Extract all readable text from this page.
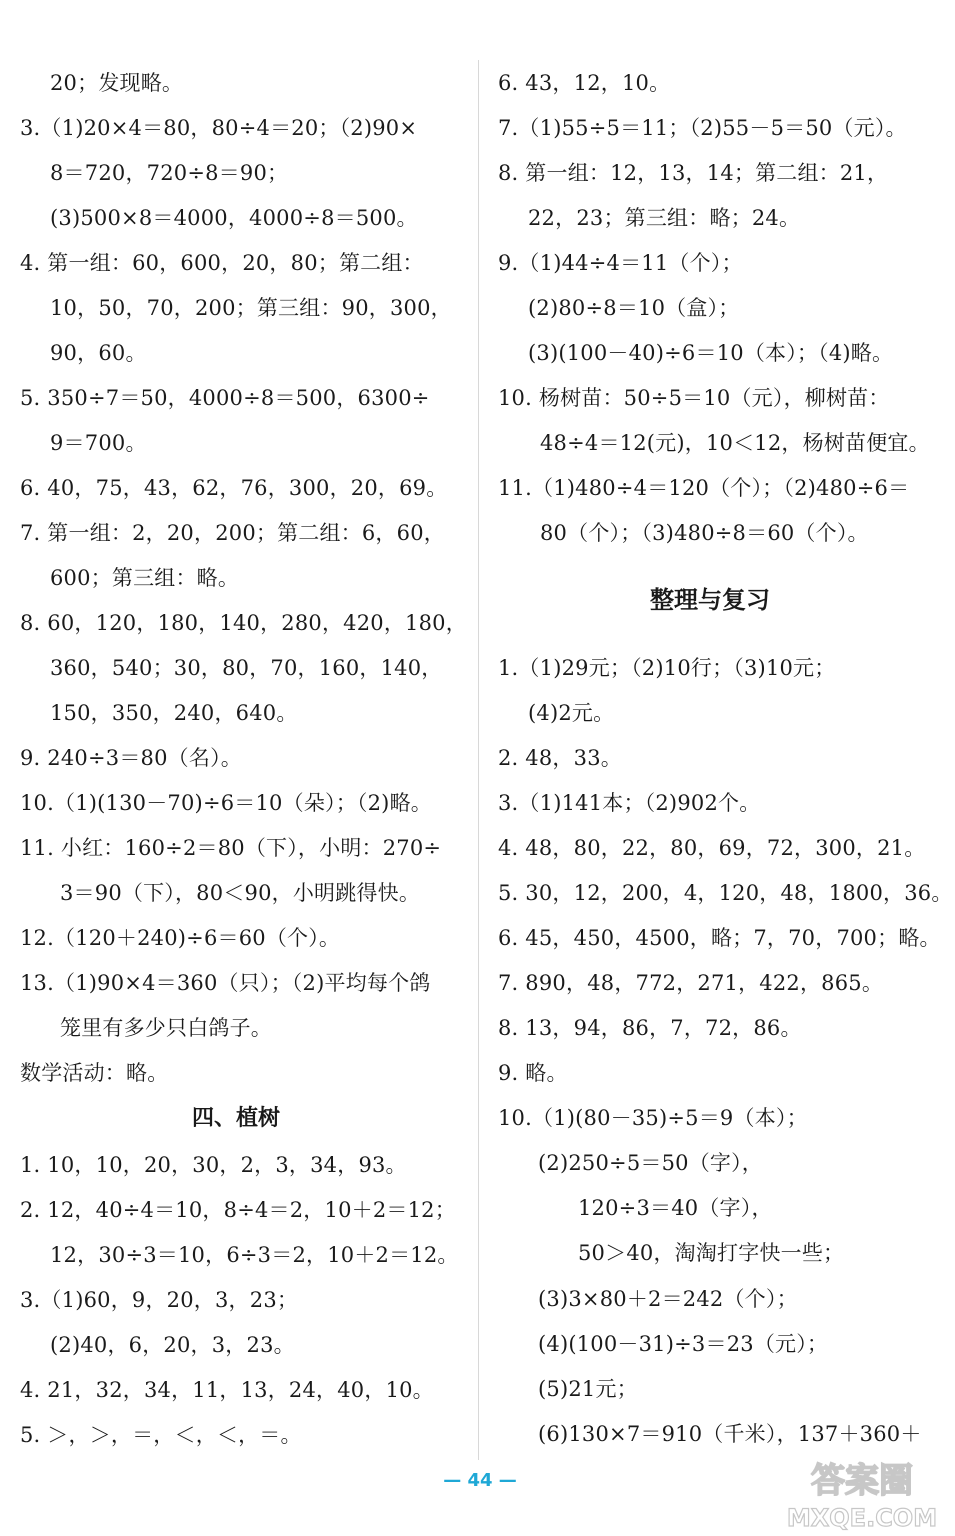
20；发现略。
3.（1)20×4＝80，80÷4＝20；（2)90×
8＝720，720÷8＝90；
(3)500×8＝4000，4000÷8＝500。
4. 第一组：60，600，20，80；第二组：
10，50，70，200；第三组：90，300，
90，60。
5. 350÷7＝50，4000÷8＝500，6300÷
9＝700。
6. 40，75，43，62，76，300，20，69。
7. 第一组：2，20，200；第二组：6，60，
600；第三组：略。
8. 60，120，180，140，280，420，180，
360，540；30，80，70，160，140，
150，350，240，640。
9. 240÷3＝80（名）。
10.（1)(130－70)÷6＝10（朵）；（2)略。
11. 小红：160÷2＝80（下），小明：270÷
3＝90（下），80＜90，小明跳得快。
12.（120＋240)÷6＝60（个）。
13.（1)90×4＝360（只）；（2)平均每个鸽
笼里有多少只白鸽子。
数学活动：略。
四、植树
1. 10，10，20，30，2，3，34，93。
2. 12，40÷4＝10，8÷4＝2，10＋2＝12；
12，30÷3＝10，6÷3＝2，10＋2＝12。
3.（1)60，9，20，3，23；
(2)40，6，20，3，23。
4. 21，32，34，11，13，24，40，10。
5. ＞，＞，＝，＜，＜，＝。
6. 43，12，10。
7.（1)55÷5＝11；（2)55－5＝50（元）。
8. 第一组：12，13，14；第二组：21，
22，23；第三组：略；24。
9.（1)44÷4＝11（个）；
(2)80÷8＝10（盒）；
(3)(100－40)÷6＝10（本）；（4)略。
10. 杨树苗：50÷5＝10（元），柳树苗：
48÷4＝12(元)，10＜12，杨树苗便宜。
11.（1)480÷4＝120（个）；（2)480÷6＝
80（个）；（3)480÷8＝60（个）。
整理与复习
1.（1)29元；（2)10行；（3)10元；
(4)2元。
2. 48，33。
3.（1)141本；（2)902个。
4. 48，80，22，80，69，72，300，21。
5. 30，12，200，4，120，48，1800，36。
6. 45，450，4500，略；7，70，700；略。
7. 890，48，772，271，422，865。
8. 13，94，86，7，72，86。
9. 略。
10.（1)(80－35)÷5＝9（本）；
(2)250÷5＝50（字），
120÷3＝40（字），
50＞40，淘淘打字快一些；
(3)3×80＋2＝242（个）；
(4)(100－31)÷3＝23（元）；
(5)21元；
(6)130×7＝910（千米），137＋360＋
— 44 —	答案圈
MXQE.COM
